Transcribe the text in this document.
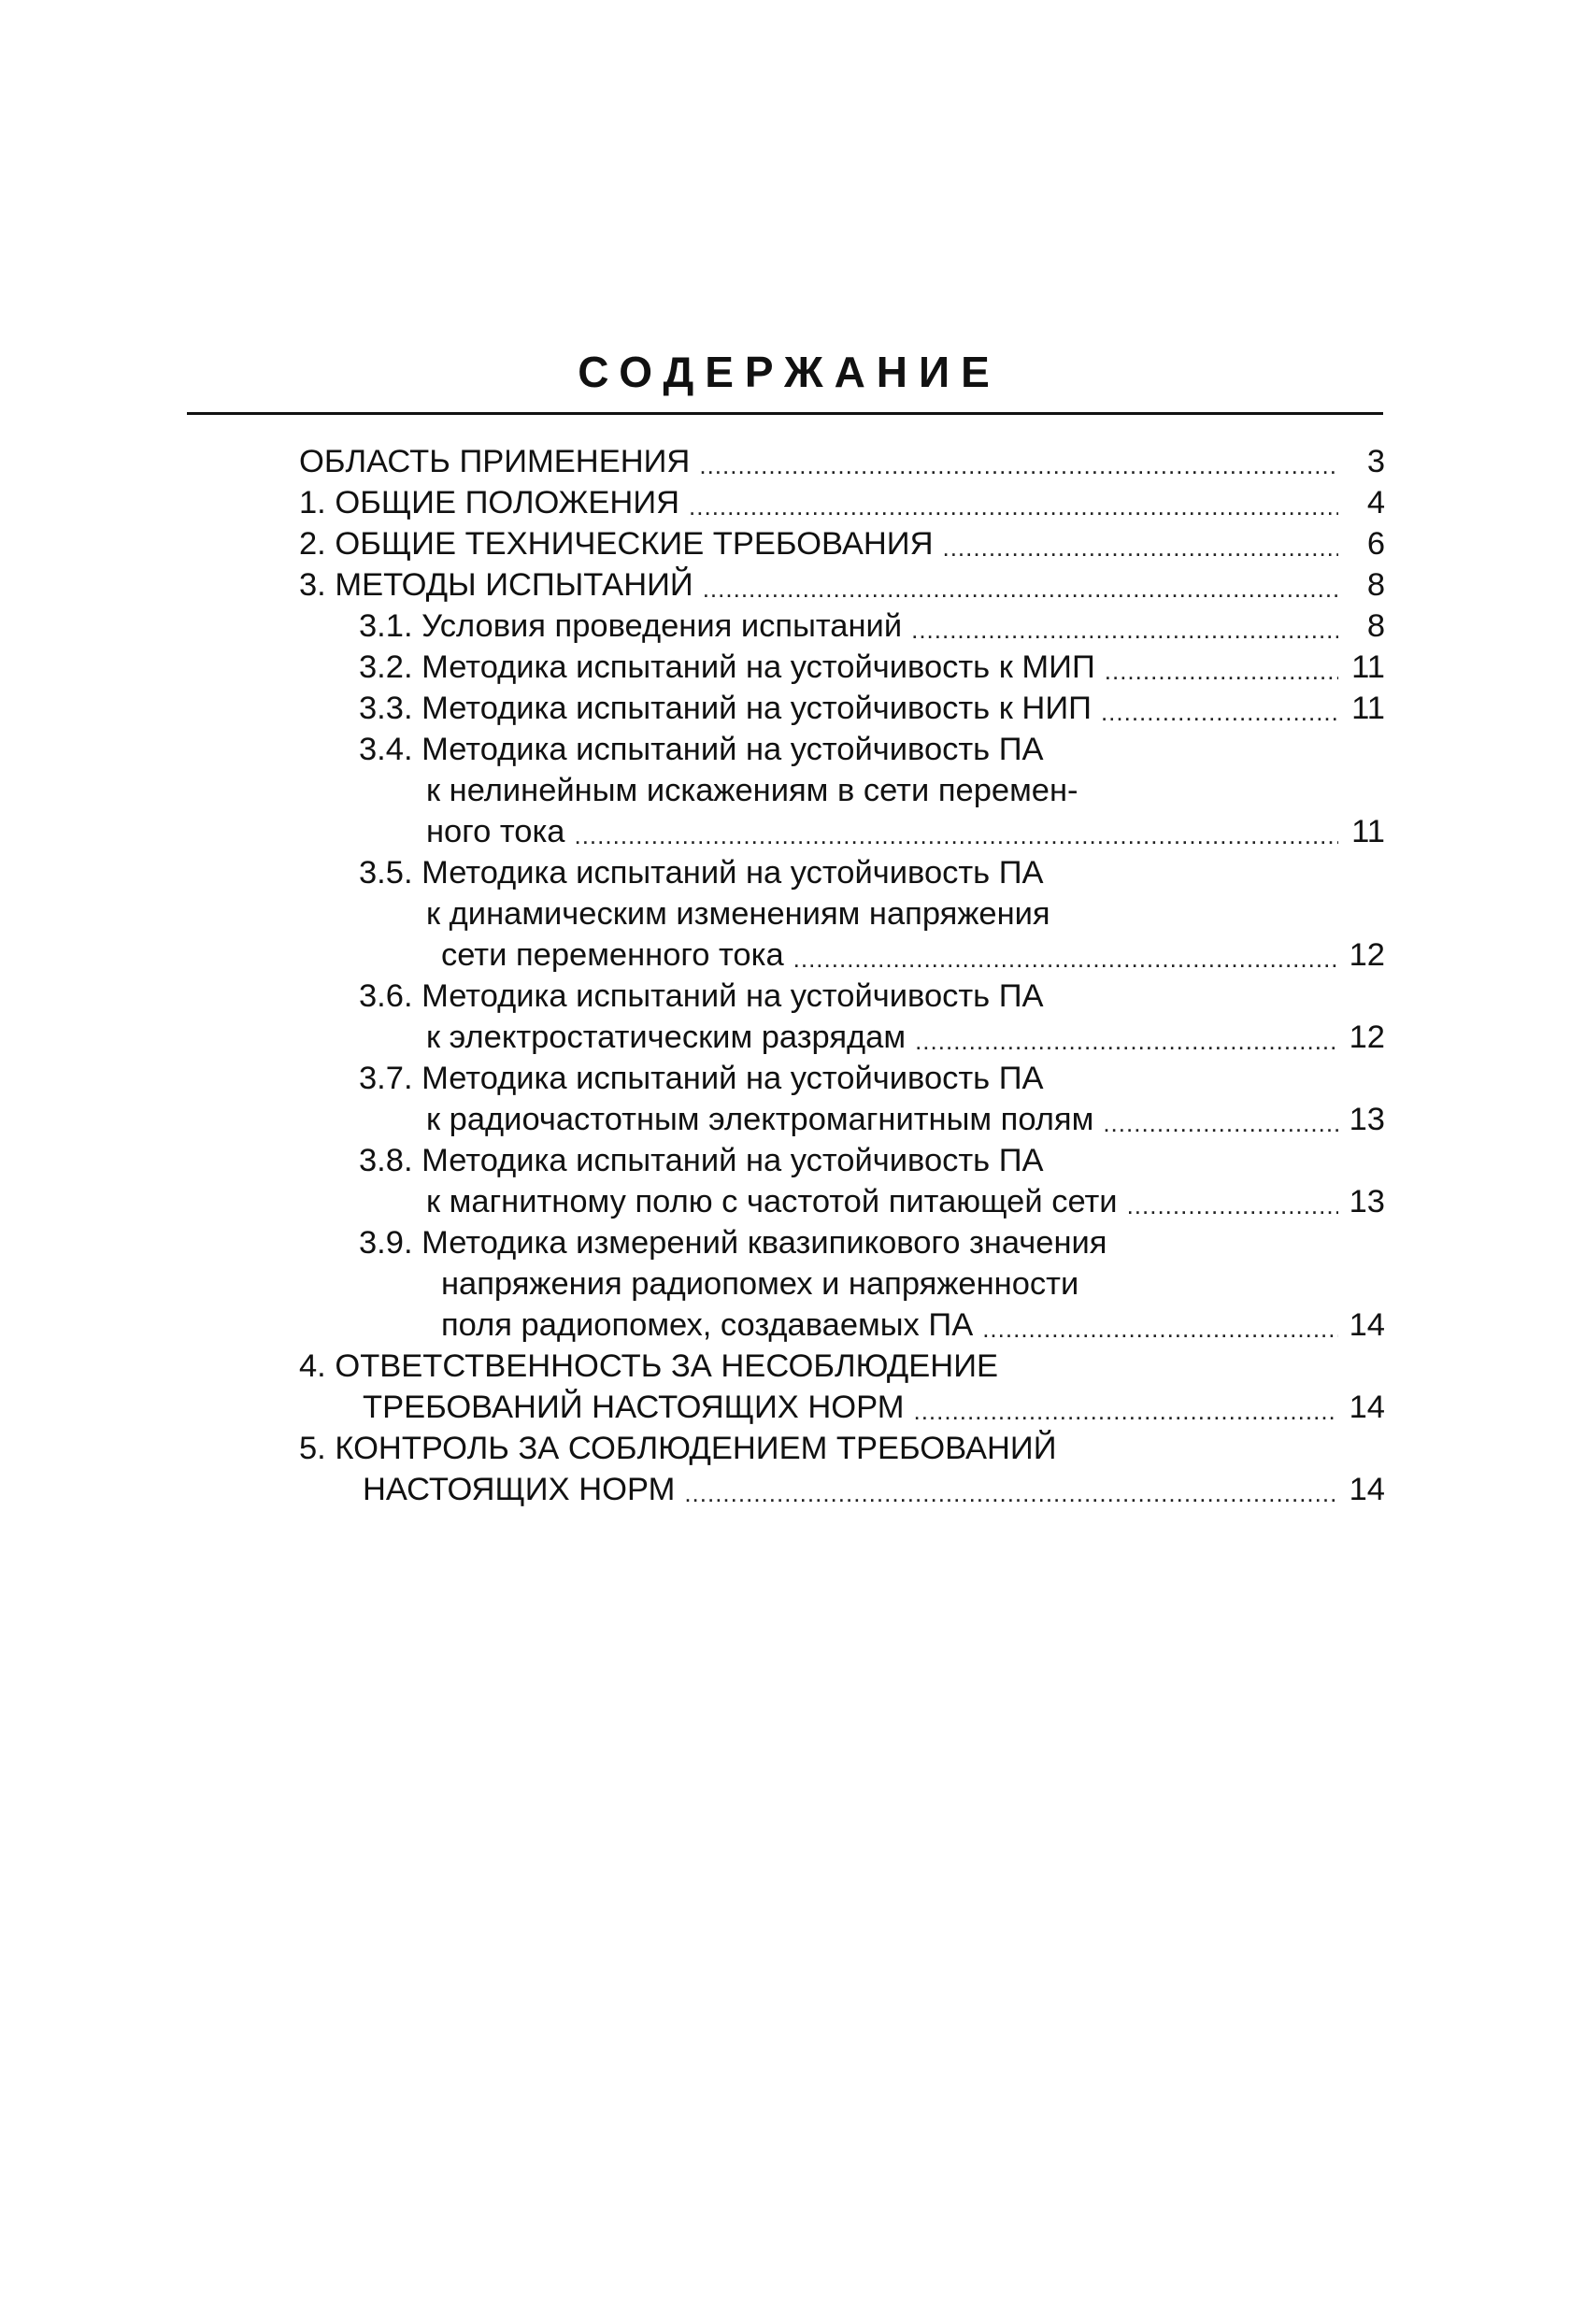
СОДЕРЖАНИЕ
ОБЛАСТЬ ПРИМЕНЕНИЯ .....	3
1. ОБЩИЕ ПОЛОЖЕНИЯ .....	4
2. ОБЩИЕ ТЕХНИЧЕСКИЕ ТРЕБОВАНИЯ .....	6
3. МЕТОДЫ ИСПЫТАНИЙ .....	8
3.1. Условия проведения испытаний .....	8
3.2. Методика испытаний на устойчивость к МИП .....	11
3.3. Методика испытаний на устойчивость к НИП .....	11
3.4. Методика испытаний на устойчивость ПА
к нелинейным искажениям в сети перемен-
ного тока .....	11
3.5. Методика испытаний на устойчивость ПА
к динамическим изменениям напряжения
сети переменного тока .....	12
3.6. Методика испытаний на устойчивость ПА
к электростатическим разрядам .....	12
3.7. Методика испытаний на устойчивость ПА
к радиочастотным электромагнитным полям .....	13
3.8. Методика испытаний на устойчивость ПА
к магнитному полю с частотой питающей сети .....	13
3.9. Методика измерений квазипикового значения
напряжения радиопомех и напряженности
поля радиопомех, создаваемых ПА .....	14
4. ОТВЕТСТВЕННОСТЬ ЗА НЕСОБЛЮДЕНИЕ
ТРЕБОВАНИЙ НАСТОЯЩИХ НОРМ .....	14
5. КОНТРОЛЬ ЗА СОБЛЮДЕНИЕМ ТРЕБОВАНИЙ
НАСТОЯЩИХ НОРМ .....	14
